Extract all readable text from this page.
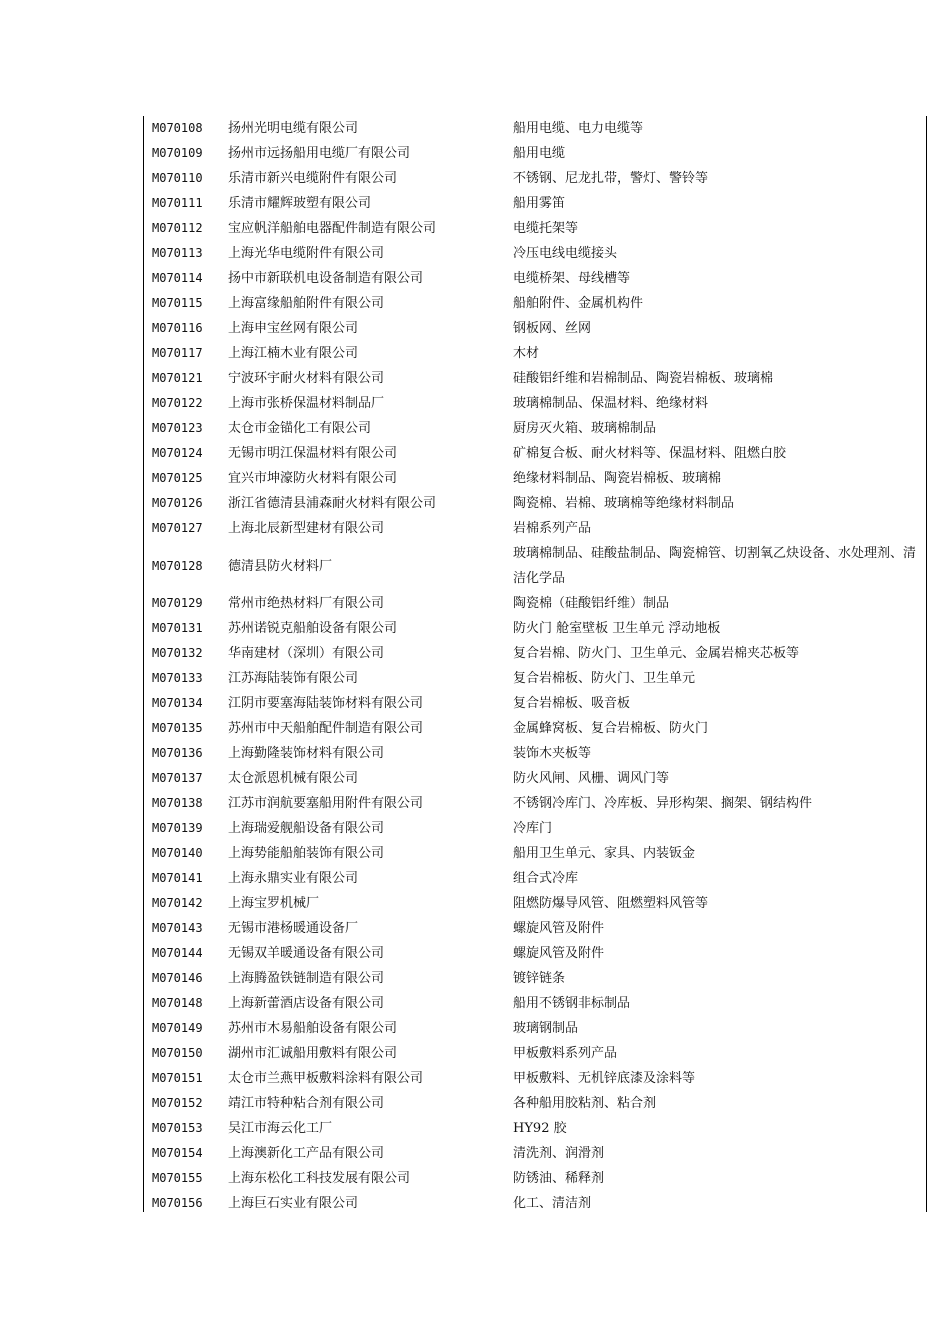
M070108	扬州光明电缆有限公司	船用电缆、电力电缆等
M070109	扬州市远扬船用电缆厂有限公司	船用电缆
M070110	乐清市新兴电缆附件有限公司	不锈钢、尼龙扎带，警灯、警铃等
M070111	乐清市耀辉玻塑有限公司	船用雾笛
M070112	宝应帆洋船舶电器配件制造有限公司	电缆托架等
M070113	上海光华电缆附件有限公司	冷压电线电缆接头
M070114	扬中市新联机电设备制造有限公司	电缆桥架、母线槽等
M070115	上海富缘船舶附件有限公司	船舶附件、金属机构件
M070116	上海申宝丝网有限公司	钢板网、丝网
M070117	上海江楠木业有限公司	木材
M070121	宁波环宇耐火材料有限公司	硅酸铝纤维和岩棉制品、陶瓷岩棉板、玻璃棉
M070122	上海市张桥保温材料制品厂	玻璃棉制品、保温材料、绝缘材料
M070123	太仓市金锚化工有限公司	厨房灭火箱、玻璃棉制品
M070124	无锡市明江保温材料有限公司	矿棉复合板、耐火材料等、保温材料、阻燃白胶
M070125	宜兴市坤濠防火材料有限公司	绝缘材料制品、陶瓷岩棉板、玻璃棉
M070126	浙江省德清县浦森耐火材料有限公司	陶瓷棉、岩棉、玻璃棉等绝缘材料制品
M070127	上海北辰新型建材有限公司	岩棉系列产品
M070128	德清县防火材料厂	玻璃棉制品、硅酸盐制品、陶瓷棉管、切割氧乙炔设备、水处理剂、清洁化学品
M070129	常州市绝热材料厂有限公司	陶瓷棉（硅酸铝纤维）制品
M070131	苏州诺锐克船舶设备有限公司	防火门 舱室壁板 卫生单元 浮动地板
M070132	华南建材（深圳）有限公司	复合岩棉、防火门、卫生单元、金属岩棉夹芯板等
M070133	江苏海陆装饰有限公司	复合岩棉板、防火门、卫生单元
M070134	江阴市要塞海陆装饰材料有限公司	复合岩棉板、吸音板
M070135	苏州市中天船舶配件制造有限公司	金属蜂窝板、复合岩棉板、防火门
M070136	上海勤隆装饰材料有限公司	装饰木夹板等
M070137	太仓派恩机械有限公司	防火风闸、风栅、调风门等
M070138	江苏市润航要塞船用附件有限公司	不锈钢冷库门、冷库板、异形构架、搁架、钢结构件
M070139	上海瑞爱舰船设备有限公司	冷库门
M070140	上海势能船舶装饰有限公司	船用卫生单元、家具、内装钣金
M070141	上海永鼎实业有限公司	组合式冷库
M070142	上海宝罗机械厂	阻燃防爆导风管、阻燃塑料风管等
M070143	无锡市港杨暖通设备厂	螺旋风管及附件
M070144	无锡双羊暖通设备有限公司	螺旋风管及附件
M070146	上海腾盈铁链制造有限公司	镀锌链条
M070148	上海新蕾酒店设备有限公司	船用不锈钢非标制品
M070149	苏州市木易船舶设备有限公司	玻璃钢制品
M070150	湖州市汇诚船用敷料有限公司	甲板敷料系列产品
M070151	太仓市兰燕甲板敷料涂料有限公司	甲板敷料、无机锌底漆及涂料等
M070152	靖江市特种粘合剂有限公司	各种船用胶粘剂、粘合剂
M070153	吴江市海云化工厂	HY92 胶
M070154	上海澳新化工产品有限公司	清洗剂、润滑剂
M070155	上海东松化工科技发展有限公司	防锈油、稀释剂
M070156	上海巨石实业有限公司	化工、清洁剂
